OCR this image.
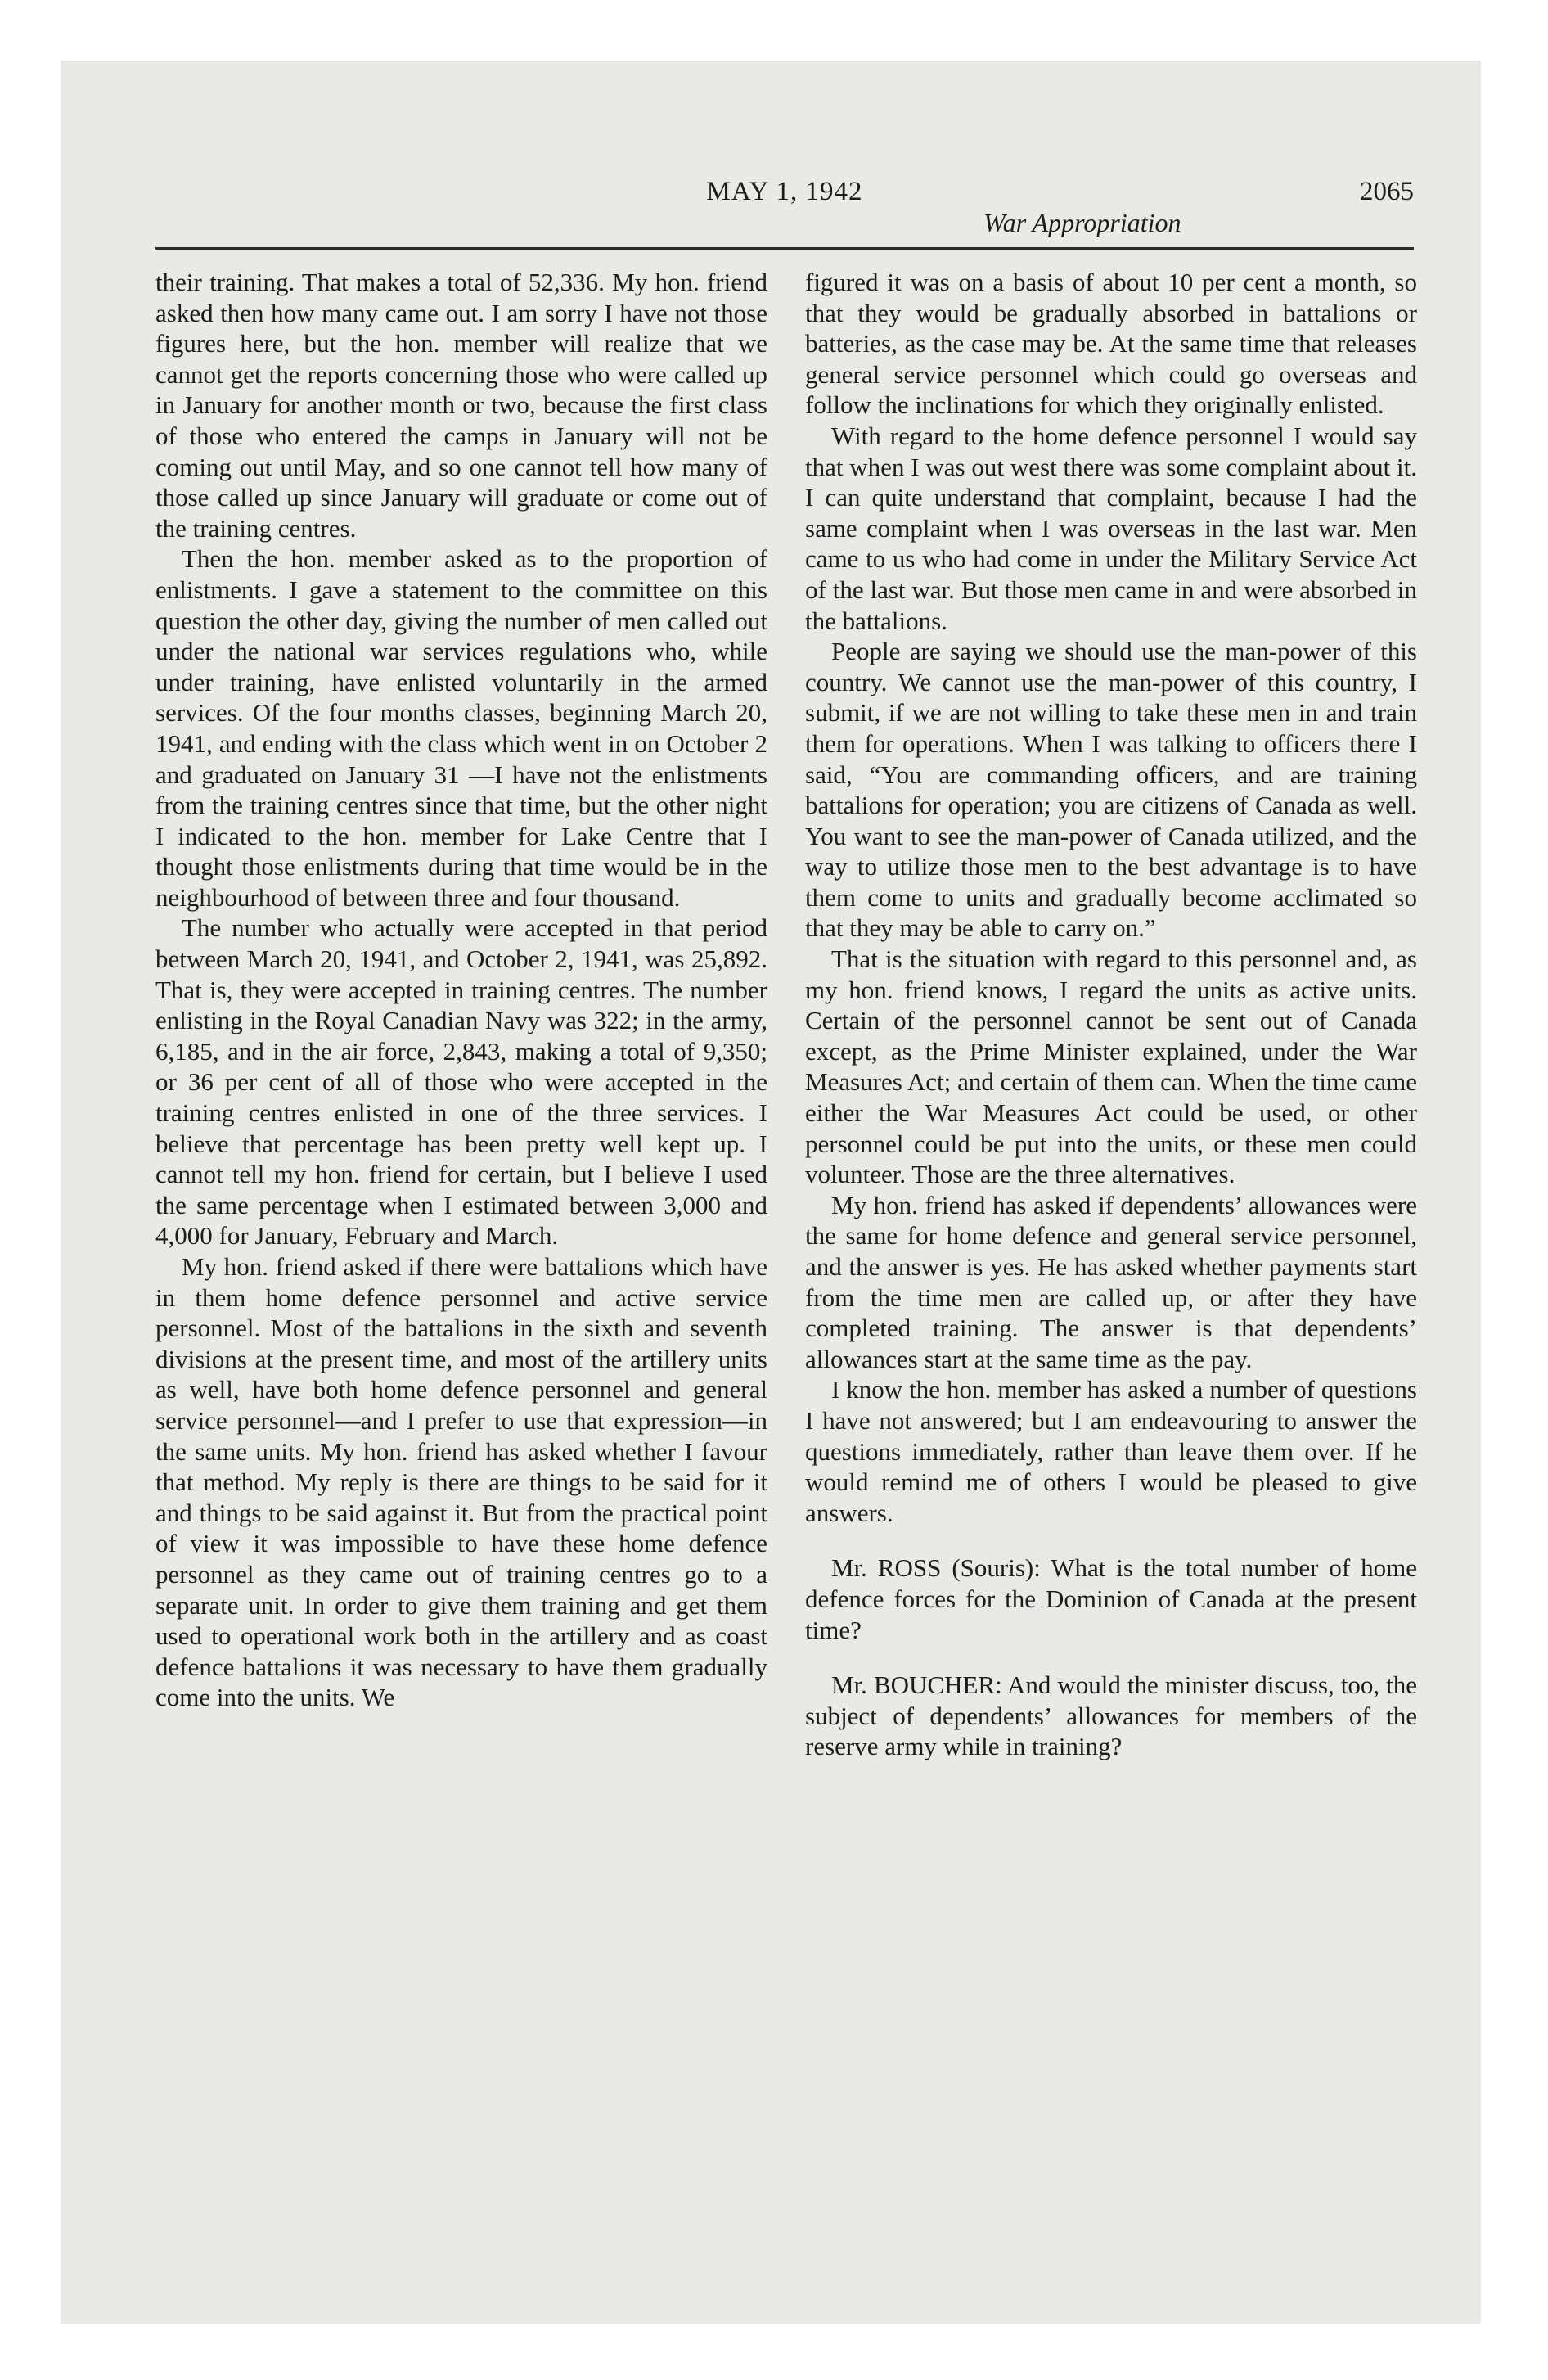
MAY 1, 1942
War Appropriation
2065

their training. That makes a total of 52,336. My hon. friend asked then how many came out. I am sorry I have not those figures here, but the hon. member will realize that we cannot get the reports concerning those who were called up in January for another month or two, because the first class of those who entered the camps in January will not be coming out until May, and so one cannot tell how many of those called up since January will graduate or come out of the training centres.

Then the hon. member asked as to the proportion of enlistments. I gave a statement to the committee on this question the other day, giving the number of men called out under the national war services regulations who, while under training, have enlisted voluntarily in the armed services. Of the four months classes, beginning March 20, 1941, and ending with the class which went in on October 2 and graduated on January 31 —I have not the enlistments from the training centres since that time, but the other night I indicated to the hon. member for Lake Centre that I thought those enlistments during that time would be in the neighbourhood of between three and four thousand.

The number who actually were accepted in that period between March 20, 1941, and October 2, 1941, was 25,892. That is, they were accepted in training centres. The number enlisting in the Royal Canadian Navy was 322; in the army, 6,185, and in the air force, 2,843, making a total of 9,350; or 36 per cent of all of those who were accepted in the training centres enlisted in one of the three services. I believe that percentage has been pretty well kept up. I cannot tell my hon. friend for certain, but I believe I used the same percentage when I estimated between 3,000 and 4,000 for January, February and March.

My hon. friend asked if there were battalions which have in them home defence personnel and active service personnel. Most of the battalions in the sixth and seventh divisions at the present time, and most of the artillery units as well, have both home defence personnel and general service personnel—and I prefer to use that expression—in the same units. My hon. friend has asked whether I favour that method. My reply is there are things to be said for it and things to be said against it. But from the practical point of view it was impossible to have these home defence personnel as they came out of training centres go to a separate unit. In order to give them training and get them used to operational work both in the artillery and as coast defence battalions it was necessary to have them gradually come into the units. We

figured it was on a basis of about 10 per cent a month, so that they would be gradually absorbed in battalions or batteries, as the case may be. At the same time that releases general service personnel which could go overseas and follow the inclinations for which they originally enlisted.

With regard to the home defence personnel I would say that when I was out west there was some complaint about it. I can quite understand that complaint, because I had the same complaint when I was overseas in the last war. Men came to us who had come in under the Military Service Act of the last war. But those men came in and were absorbed in the battalions.

People are saying we should use the man-power of this country. We cannot use the man-power of this country, I submit, if we are not willing to take these men in and train them for operations. When I was talking to officers there I said, “You are commanding officers, and are training battalions for operation; you are citizens of Canada as well. You want to see the man-power of Canada utilized, and the way to utilize those men to the best advantage is to have them come to units and gradually become acclimated so that they may be able to carry on.”

That is the situation with regard to this personnel and, as my hon. friend knows, I regard the units as active units. Certain of the personnel cannot be sent out of Canada except, as the Prime Minister explained, under the War Measures Act; and certain of them can. When the time came either the War Measures Act could be used, or other personnel could be put into the units, or these men could volunteer. Those are the three alternatives.

My hon. friend has asked if dependents’ allowances were the same for home defence and general service personnel, and the answer is yes. He has asked whether payments start from the time men are called up, or after they have completed training. The answer is that dependents’ allowances start at the same time as the pay.

I know the hon. member has asked a number of questions I have not answered; but I am endeavouring to answer the questions immediately, rather than leave them over. If he would remind me of others I would be pleased to give answers.

Mr. ROSS (Souris): What is the total number of home defence forces for the Dominion of Canada at the present time?

Mr. BOUCHER: And would the minister discuss, too, the subject of dependents’ allowances for members of the reserve army while in training?
